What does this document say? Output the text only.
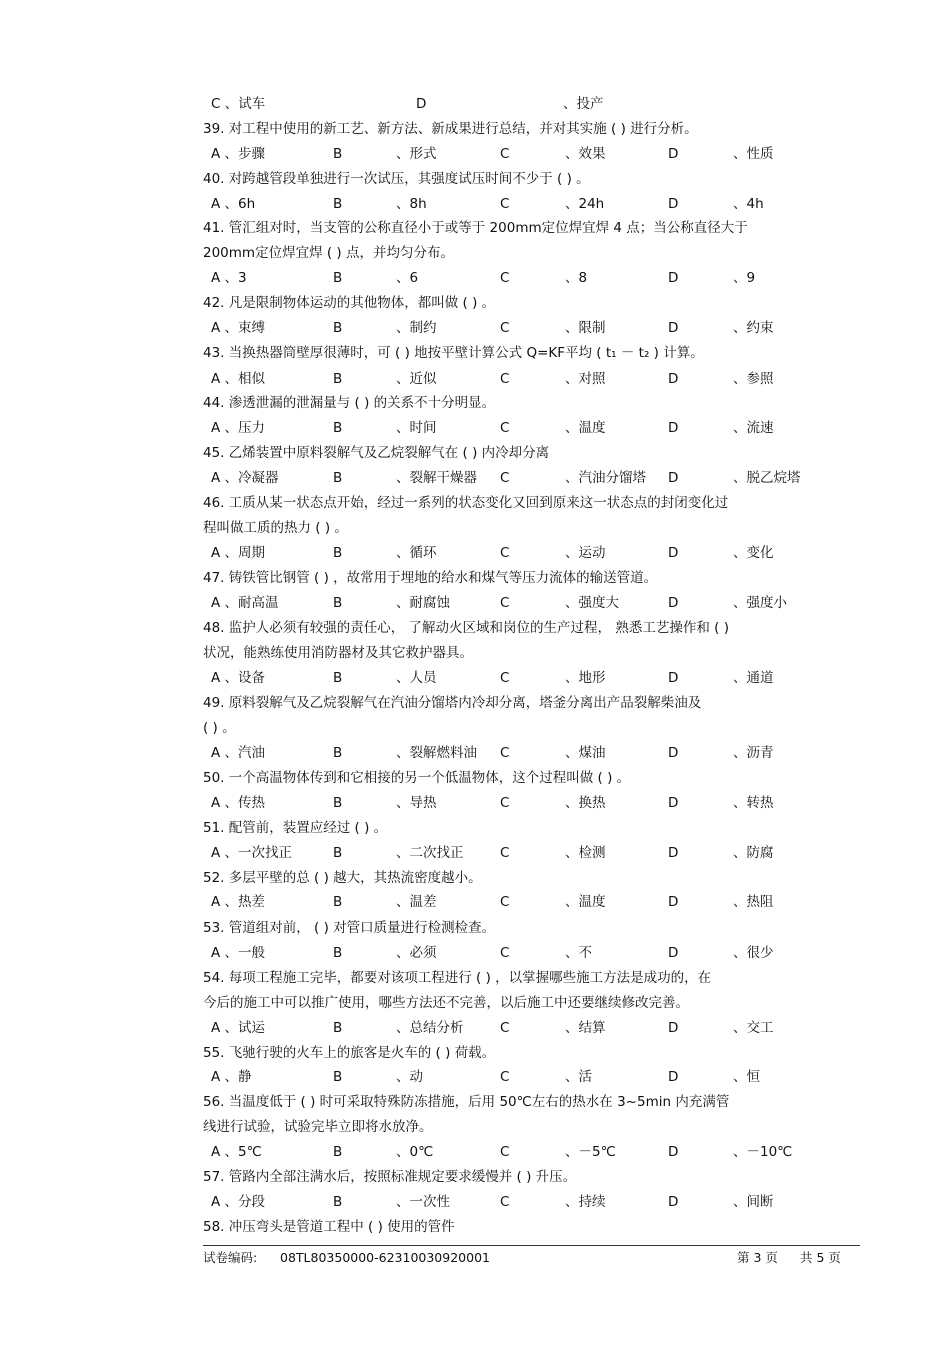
C 、试车	D	、投产
39. 对工程中使用的新工艺、新方法、新成果进行总结，并对其实施 ( ) 进行分析。
A 、步骤	B	、形式	C	、效果	D	、性质
40. 对跨越管段单独进行一次试压，其强度试压时间不少于 ( ) 。
A 、6h	B	、8h	C	、24h	D	、4h
41. 管汇组对时，当支管的公称直径小于或等于 200mm定位焊宜焊 4 点；当公称直径大于
200mm定位焊宜焊 ( ) 点，并均匀分布。
A 、3	B	、6	C	、8	D	、9
42. 凡是限制物体运动的其他物体，都叫做 ( ) 。
A 、束缚	B	、制约	C	、限制	D	、约束
43. 当换热器筒壁厚很薄时，可 ( ) 地按平壁计算公式 Q=KF平均 ( t₁ － t₂ ) 计算。
A 、相似	B	、近似	C	、对照	D	、参照
44. 渗透泄漏的泄漏量与 ( ) 的关系不十分明显。
A 、压力	B	、时间	C	、温度	D	、流速
45. 乙烯装置中原料裂解气及乙烷裂解气在 ( ) 内冷却分离
A 、冷凝器	B	、裂解干燥器 C	、汽油分馏塔 D	、脱乙烷塔
46. 工质从某一状态点开始，经过一系列的状态变化又回到原来这一状态点的封闭变化过
程叫做工质的热力 ( ) 。
A 、周期	B	、循环	C	、运动	D	、变化
47. 铸铁管比钢管 ( ) ，故常用于埋地的给水和煤气等压力流体的输送管道。
A 、耐高温	B	、耐腐蚀	C	、强度大	D	、强度小
48. 监护人必须有较强的责任心， 了解动火区域和岗位的生产过程， 熟悉工艺操作和 ( )
状况，能熟练使用消防器材及其它救护器具。
A 、设备	B	、人员	C	、地形	D	、通道
49. 原料裂解气及乙烷裂解气在汽油分馏塔内冷却分离，塔釜分离出产品裂解柴油及
( ) 。
A 、汽油	B	、裂解燃料油 C	、煤油	D	、沥青
50. 一个高温物体传到和它相接的另一个低温物体，这个过程叫做 ( ) 。
A 、传热	B	、导热	C	、换热	D	、转热
51. 配管前，装置应经过 ( ) 。
A 、一次找正	B	、二次找正	C	、检测	D	、防腐
52. 多层平壁的总 ( ) 越大，其热流密度越小。
A 、热差	B	、温差	C	、温度	D	、热阻
53. 管道组对前， ( ) 对管口质量进行检测检查。
A 、一般	B	、必须	C	、不	D	、很少
54. 每项工程施工完毕，都要对该项工程进行 ( ) ，以掌握哪些施工方法是成功的，在
今后的施工中可以推广使用，哪些方法还不完善，以后施工中还要继续修改完善。
A 、试运	B	、总结分析	C	、结算	D	、交工
55. 飞驰行驶的火车上的旅客是火车的 ( ) 荷载。
A 、静	B	、动	C	、活	D	、恒
56. 当温度低于 ( ) 时可采取特殊防冻措施，后用 50℃左右的热水在 3~5min 内充满管
线进行试验，试验完毕立即将水放净。
A 、5℃	B	、0℃	C	、－5℃	D	、－10℃
57. 管路内全部注满水后，按照标准规定要求缓慢并 ( ) 升压。
A 、分段	B	、一次性	C	、持续	D	、间断
58. 冲压弯头是管道工程中 ( ) 使用的管件
试卷编码: 08TL80350000-62310030920001	第 3 页 共 5 页
